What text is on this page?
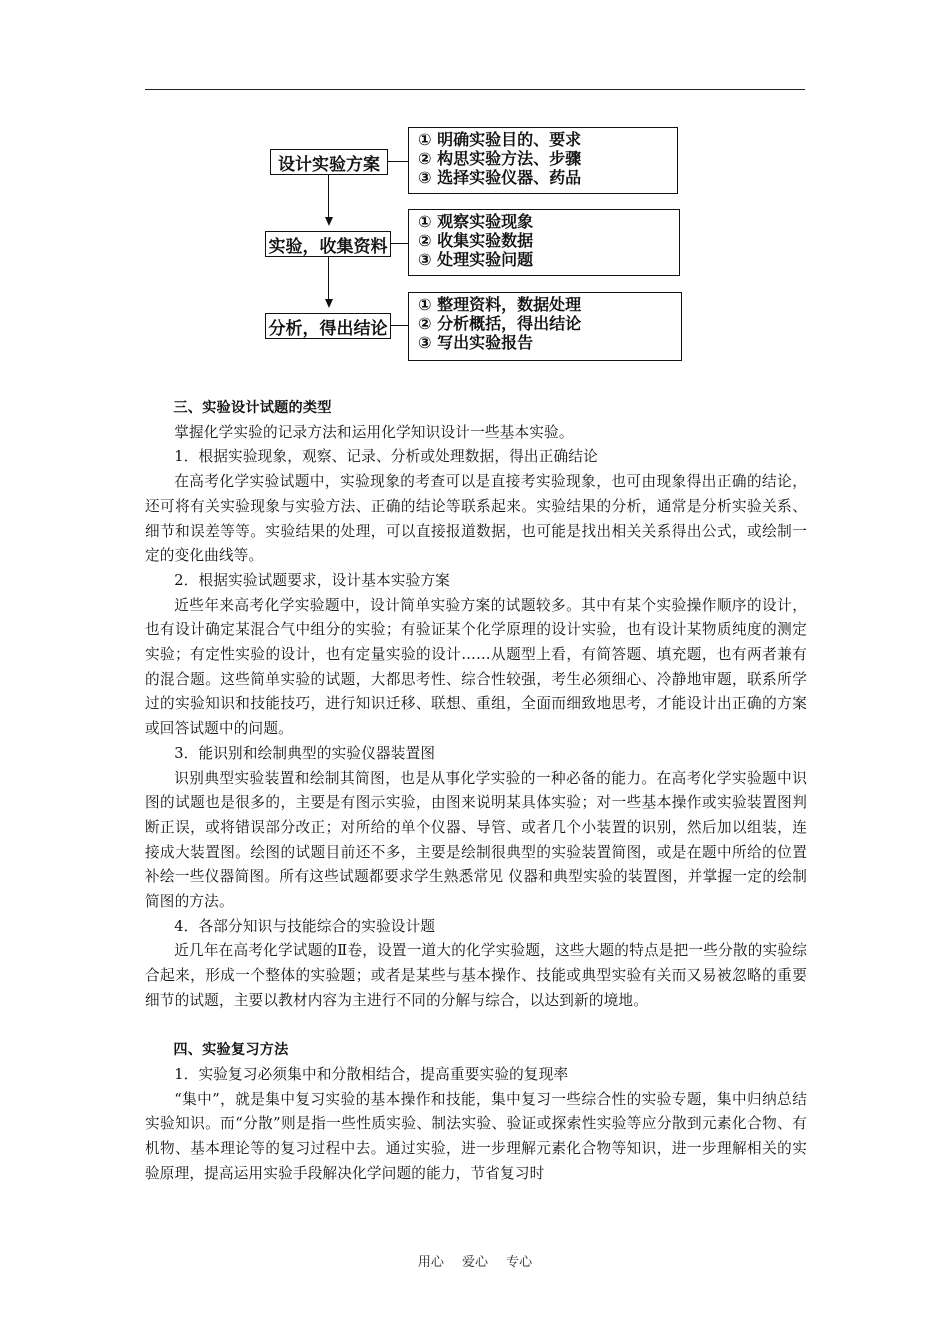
设计实验方案
① 明确实验目的、要求
② 构思实验方法、步骤
③ 选择实验仪器、药品
实验，收集资料
① 观察实验现象
② 收集实验数据
③ 处理实验问题
分析，得出结论
① 整理资料，数据处理
② 分析概括，得出结论
③ 写出实验报告

三、实验设计试题的类型

掌握化学实验的记录方法和运用化学知识设计一些基本实验。

1．根据实验现象，观察、记录、分析或处理数据，得出正确结论

在高考化学实验试题中，实验现象的考查可以是直接考实验现象，也可由现象得出正确的结论，还可将有关实验现象与实验方法、正确的结论等联系起来。实验结果的分析，通常是分析实验关系、细节和误差等等。实验结果的处理，可以直接报道数据，也可能是找出相关关系得出公式，或绘制一定的变化曲线等。

2．根据实验试题要求，设计基本实验方案

近些年来高考化学实验题中，设计简单实验方案的试题较多。其中有某个实验操作顺序的设计，也有设计确定某混合气中组分的实验；有验证某个化学原理的设计实验，也有设计某物质纯度的测定实验；有定性实验的设计，也有定量实验的设计……从题型上看，有简答题、填充题，也有两者兼有的混合题。这些简单实验的试题，大都思考性、综合性较强，考生必须细心、冷静地审题，联系所学过的实验知识和技能技巧，进行知识迁移、联想、重组，全面而细致地思考，才能设计出正确的方案或回答试题中的问题。

3．能识别和绘制典型的实验仪器装置图

识别典型实验装置和绘制其简图，也是从事化学实验的一种必备的能力。在高考化学实验题中识图的试题也是很多的，主要是有图示实验，由图来说明某具体实验；对一些基本操作或实验装置图判断正误，或将错误部分改正；对所给的单个仪器、导管、或者几个小装置的识别，然后加以组装，连接成大装置图。绘图的试题目前还不多，主要是绘制很典型的实验装置简图，或是在题中所给的位置补绘一些仪器简图。所有这些试题都要求学生熟悉常见 仪器和典型实验的装置图，并掌握一定的绘制简图的方法。

4．各部分知识与技能综合的实验设计题

近几年在高考化学试题的Ⅱ卷，设置一道大的化学实验题，这些大题的特点是把一些分散的实验综合起来，形成一个整体的实验题；或者是某些与基本操作、技能或典型实验有关而又易被忽略的重要细节的试题，主要以教材内容为主进行不同的分解与综合，以达到新的境地。

四、实验复习方法

1．实验复习必须集中和分散相结合，提高重要实验的复现率

“集中”，就是集中复习实验的基本操作和技能，集中复习一些综合性的实验专题，集中归纳总结实验知识。而“分散”则是指一些性质实验、制法实验、验证或探索性实验等应分散到元素化合物、有机物、基本理论等的复习过程中去。通过实验，进一步理解元素化合物等知识，进一步理解相关的实验原理，提高运用实验手段解决化学问题的能力，节省复习时

用心 爱心 专心
